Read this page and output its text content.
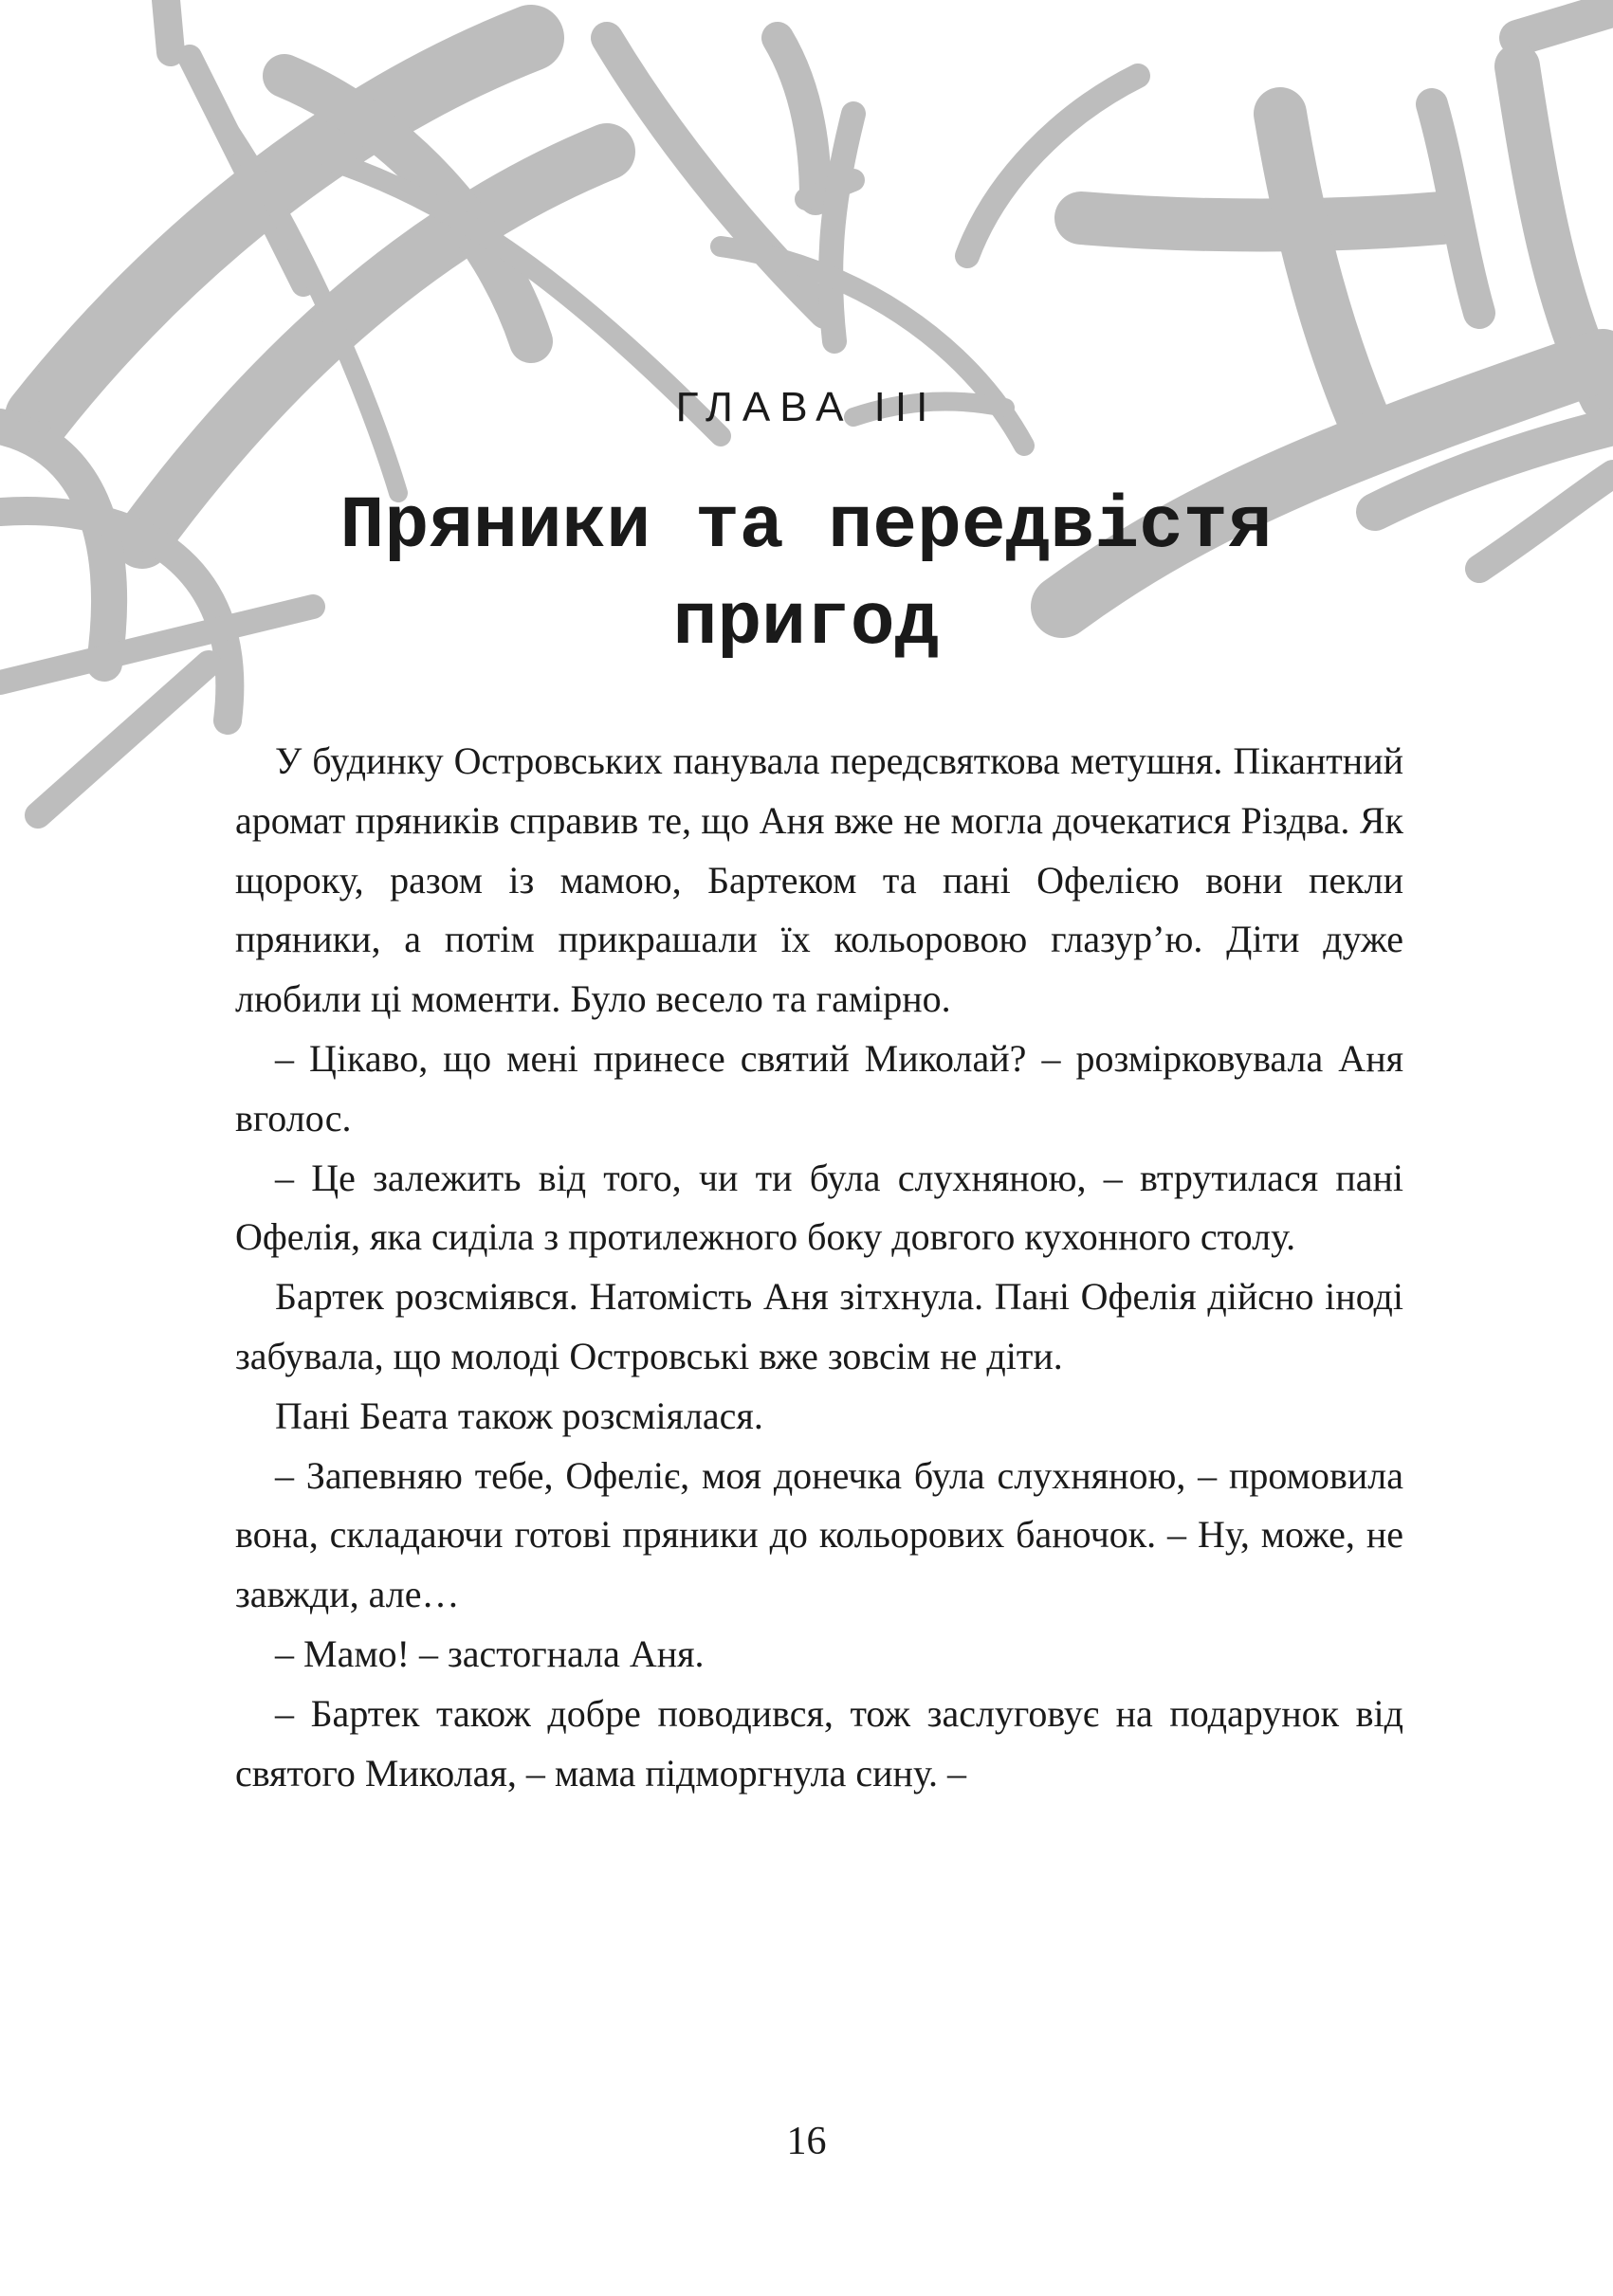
ГЛАВА III
Пряники та передвістя
пригод

У будинку Островських панувала передсвяткова метушня. Пікантний аромат пряників справив те, що Аня вже не могла дочекатися Різдва. Як щороку, разом із мамою, Бартеком та пані Офелією вони пекли пряники, а потім прикрашали їх кольоровою глазур’ю. Діти дуже любили ці моменти. Було весело та гамірно.

– Цікаво, що мені принесе святий Миколай? – розмірковувала Аня вголос.

– Це залежить від того, чи ти була слухняною, – втрутилася пані Офелія, яка сиділа з протилежного боку довгого кухонного столу.

Бартек розсміявся. Натомість Аня зітхнула. Пані Офелія дійсно іноді забувала, що молоді Островські вже зовсім не діти.

Пані Беата також розсміялася.

– Запевняю тебе, Офеліє, моя донечка була слухняною, – промовила вона, складаючи готові пряники до кольорових баночок. – Ну, може, не завжди, але…

– Мамо! – застогнала Аня.

– Бартек також добре поводився, тож заслуговує на подарунок від святого Миколая, – мама підморгнула сину. –

16
